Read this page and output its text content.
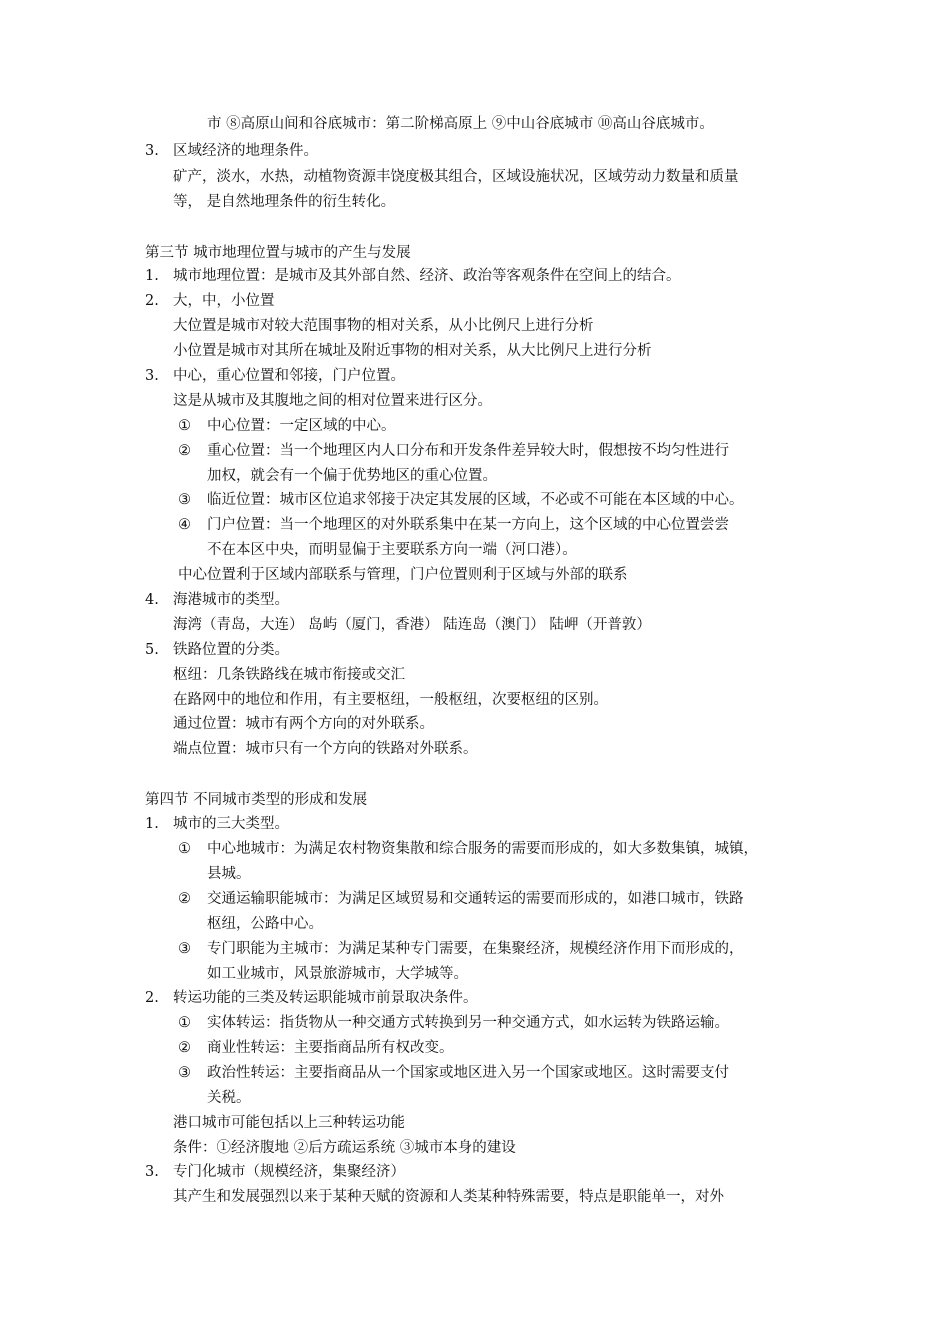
市 ⑧高原山间和谷底城市：第二阶梯高原上 ⑨中山谷底城市 ⑩高山谷底城市。
3. 区域经济的地理条件。
矿产，淡水，水热，动植物资源丰饶度极其组合，区域设施状况，区域劳动力数量和质量
等， 是自然地理条件的衍生转化。
第三节 城市地理位置与城市的产生与发展
1. 城市地理位置：是城市及其外部自然、经济、政治等客观条件在空间上的结合。
2. 大，中，小位置
大位置是城市对较大范围事物的相对关系，从小比例尺上进行分析
小位置是城市对其所在城址及附近事物的相对关系，从大比例尺上进行分析
3. 中心，重心位置和邻接，门户位置。
这是从城市及其腹地之间的相对位置来进行区分。
① 中心位置：一定区域的中心。
② 重心位置：当一个地理区内人口分布和开发条件差异较大时，假想按不均匀性进行
加权，就会有一个偏于优势地区的重心位置。
③ 临近位置：城市区位追求邻接于决定其发展的区域，不必或不可能在本区域的中心。
④ 门户位置：当一个地理区的对外联系集中在某一方向上，这个区域的中心位置尝尝
不在本区中央，而明显偏于主要联系方向一端（河口港）。
中心位置利于区域内部联系与管理，门户位置则利于区域与外部的联系
4. 海港城市的类型。
海湾（青岛，大连） 岛屿（厦门，香港） 陆连岛（澳门） 陆岬（开普敦）
5. 铁路位置的分类。
枢纽：几条铁路线在城市衔接或交汇
在路网中的地位和作用，有主要枢纽，一般枢纽，次要枢纽的区别。
通过位置：城市有两个方向的对外联系。
端点位置：城市只有一个方向的铁路对外联系。
第四节 不同城市类型的形成和发展
1. 城市的三大类型。
① 中心地城市：为满足农村物资集散和综合服务的需要而形成的，如大多数集镇，城镇，
县城。
② 交通运输职能城市：为满足区域贸易和交通转运的需要而形成的，如港口城市，铁路
枢纽，公路中心。
③ 专门职能为主城市：为满足某种专门需要，在集聚经济，规模经济作用下而形成的，
如工业城市，风景旅游城市，大学城等。
2. 转运功能的三类及转运职能城市前景取决条件。
① 实体转运：指货物从一种交通方式转换到另一种交通方式，如水运转为铁路运输。
② 商业性转运：主要指商品所有权改变。
③ 政治性转运：主要指商品从一个国家或地区进入另一个国家或地区。这时需要支付
关税。
港口城市可能包括以上三种转运功能
条件：①经济腹地 ②后方疏运系统 ③城市本身的建设
3. 专门化城市（规模经济，集聚经济）
其产生和发展强烈以来于某种天赋的资源和人类某种特殊需要，特点是职能单一，对外
